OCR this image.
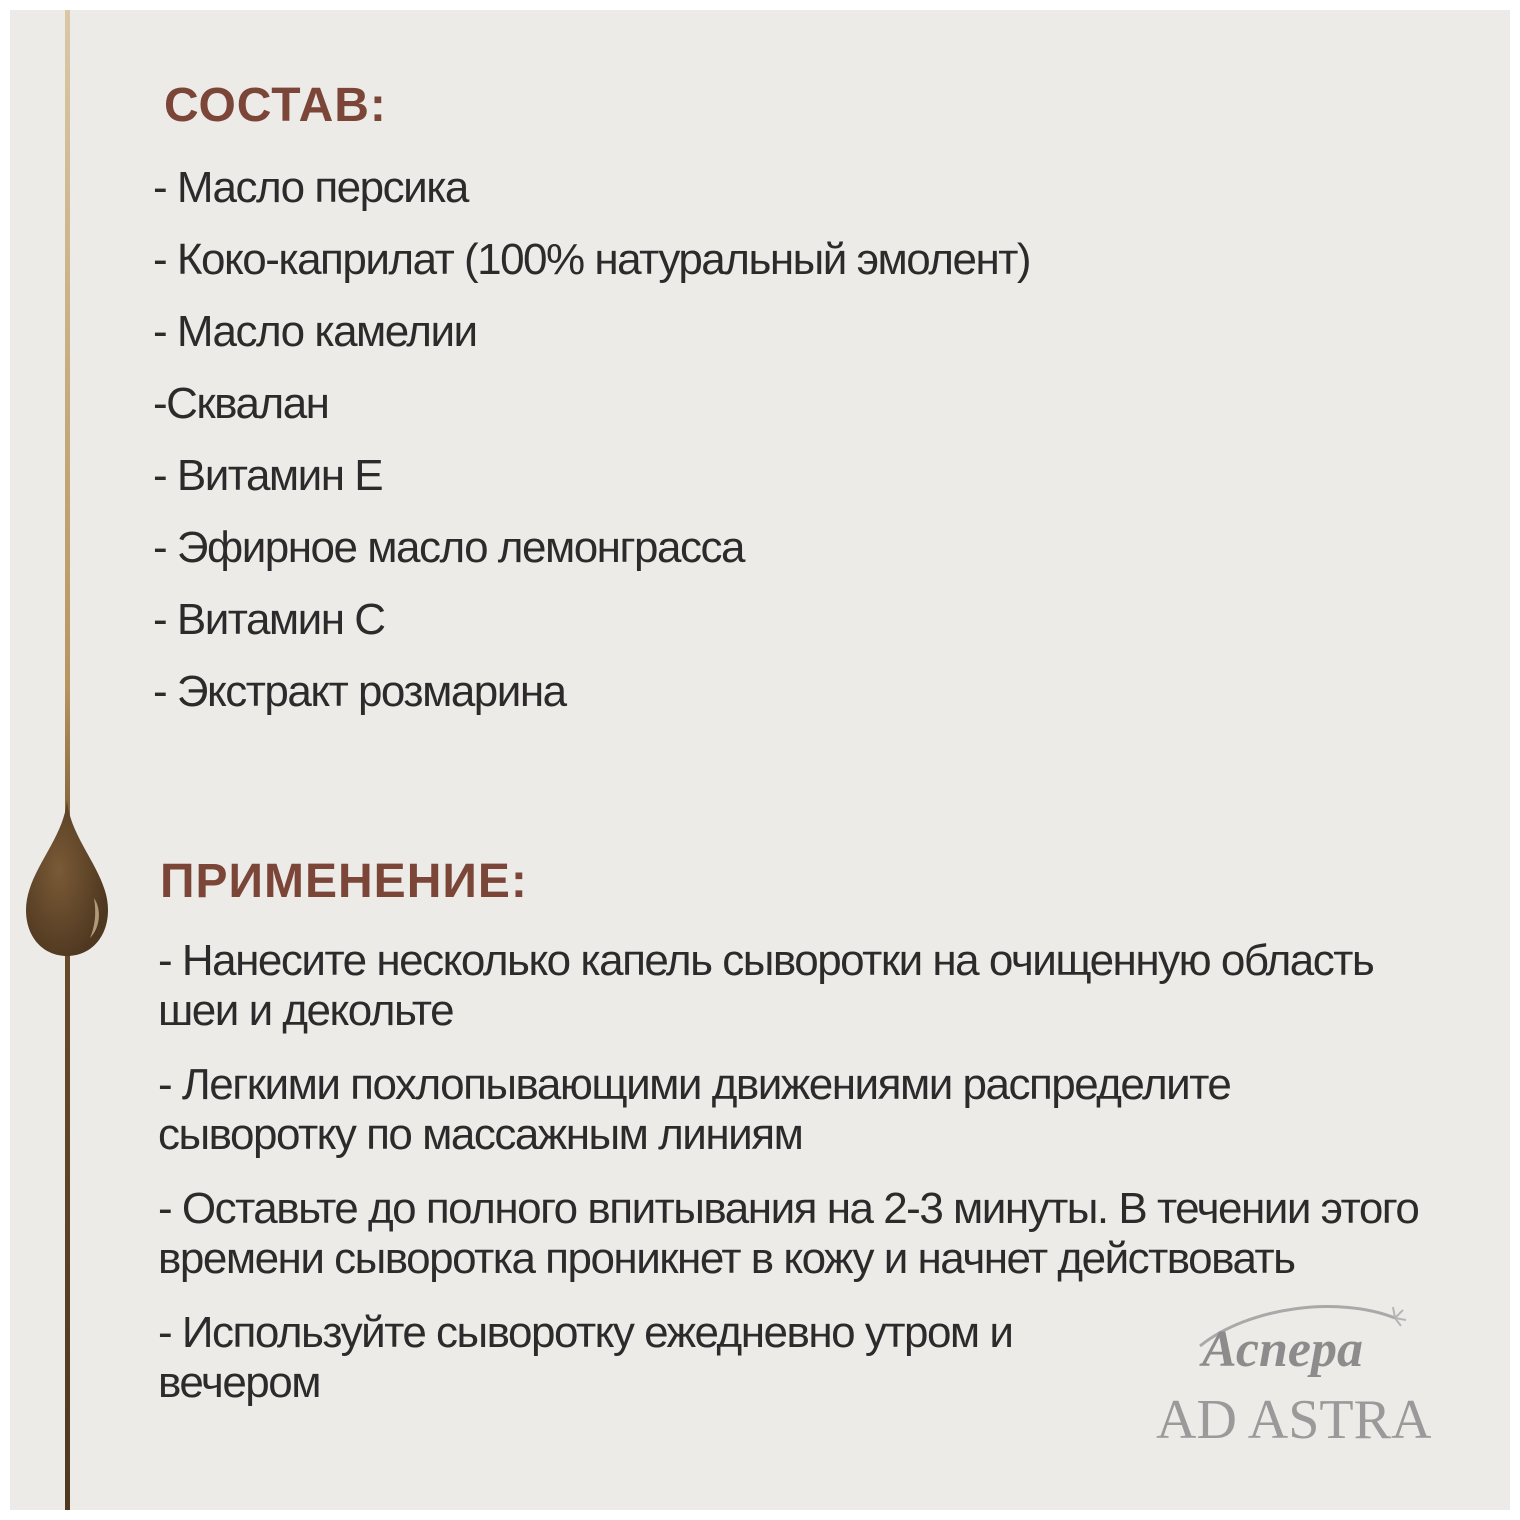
СОСТАВ:
- Масло персика
- Коко-каприлат (100% натуральный эмолент)
- Масло камелии
-Сквалан
- Витамин Е
- Эфирное масло лемонграсса
- Витамин С
- Экстракт розмарина
ПРИМЕНЕНИЕ:
- Нанесите несколько капель сыворотки на очищенную область шеи и декольте
- Легкими похлопывающими движениями распределите сыворотку по массажным линиям
- Оставьте до полного впитывания на 2-3 минуты. В течении этого времени сыворотка проникнет в кожу и начнет действовать
- Используйте сыворотку ежедневно утром и вечером
Аспера
AD ASTRA
